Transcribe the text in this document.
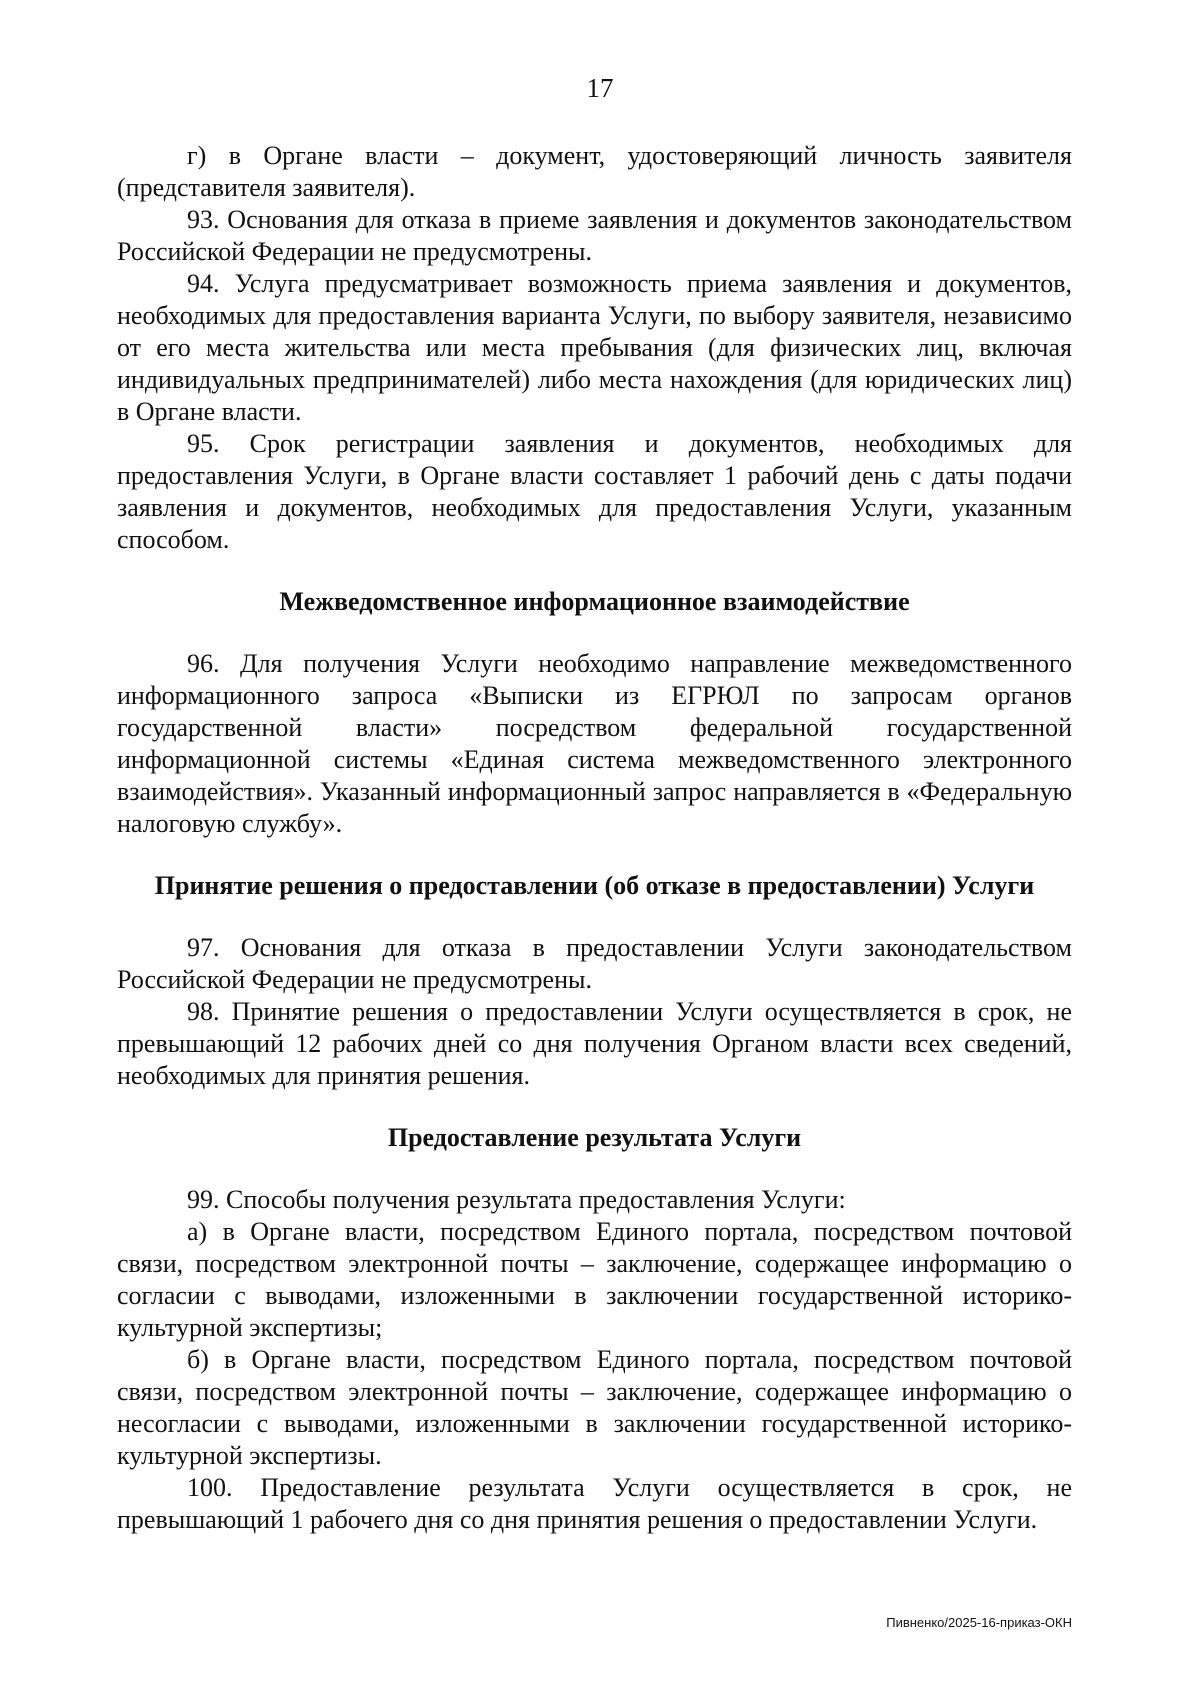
17

г) в Органе власти – документ, удостоверяющий личность заявителя (представителя заявителя).

93. Основания для отказа в приеме заявления и документов законодательством Российской Федерации не предусмотрены.

94. Услуга предусматривает возможность приема заявления и документов, необходимых для предоставления варианта Услуги, по выбору заявителя, независимо от его места жительства или места пребывания (для физических лиц, включая индивидуальных предпринимателей) либо места нахождения (для юридических лиц) в Органе власти.

95. Срок регистрации заявления и документов, необходимых для предоставления Услуги, в Органе власти составляет 1 рабочий день с даты подачи заявления и документов, необходимых для предоставления Услуги, указанным способом.

Межведомственное информационное взаимодействие

96. Для получения Услуги необходимо направление межведомственного информационного запроса «Выписки из ЕГРЮЛ по запросам органов государственной власти» посредством федеральной государственной информационной системы «Единая система межведомственного электронного взаимодействия». Указанный информационный запрос направляется в «Федеральную налоговую службу».

Принятие решения о предоставлении (об отказе в предоставлении) Услуги

97. Основания для отказа в предоставлении Услуги законодательством Российской Федерации не предусмотрены.

98. Принятие решения о предоставлении Услуги осуществляется в срок, не превышающий 12 рабочих дней со дня получения Органом власти всех сведений, необходимых для принятия решения.

Предоставление результата Услуги

99. Способы получения результата предоставления Услуги:

а) в Органе власти, посредством Единого портала, посредством почтовой связи, посредством электронной почты – заключение, содержащее информацию о согласии с выводами, изложенными в заключении государственной историко-культурной экспертизы;

б) в Органе власти, посредством Единого портала, посредством почтовой связи, посредством электронной почты – заключение, содержащее информацию о несогласии с выводами, изложенными в заключении государственной историко-культурной экспертизы.

100. Предоставление результата Услуги осуществляется в срок, не превышающий 1 рабочего дня со дня принятия решения о предоставлении Услуги.

Пивненко/2025-16-приказ-ОКН
